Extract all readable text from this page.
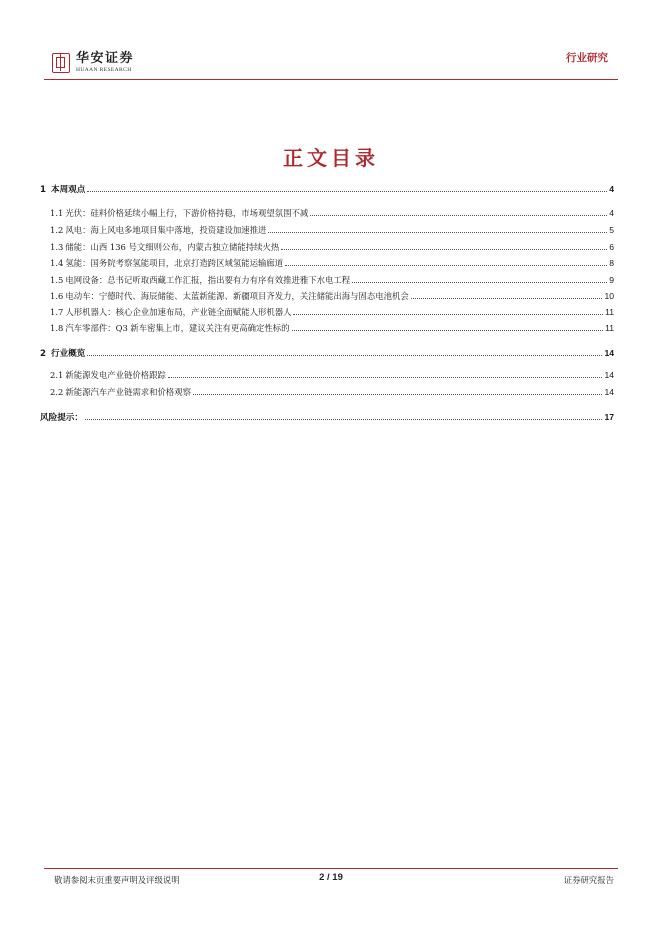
华安证券
HUAAN RESEARCH
行业研究
正文目录
1 本周观点	4
1.1 光伏：硅料价格延续小幅上行，下游价格持稳，市场观望氛围不减	4
1.2 风电：海上风电多地项目集中落地，投资建设加速推进	5
1.3 储能：山西 136 号文细则公布，内蒙古独立储能持续火热	6
1.4 氢能：国务院考察氢能项目，北京打造跨区域氢能运输廊道	8
1.5 电网设备：总书记听取西藏工作汇报，指出要有力有序有效推进雅下水电工程	9
1.6 电动车：宁德时代、海辰储能、太蓝新能源、新疆项目齐发力，关注储能出海与固态电池机会	10
1.7 人形机器人：核心企业加速布局，产业链全面赋能人形机器人	11
1.8 汽车零部件：Q3 新车密集上市，建议关注有更高确定性标的	11
2 行业概览	14
2.1 新能源发电产业链价格跟踪	14
2.2 新能源汽车产业链需求和价格观察	14
风险提示：	17
敬请参阅末页重要声明及评级说明	2 / 19	证券研究报告
